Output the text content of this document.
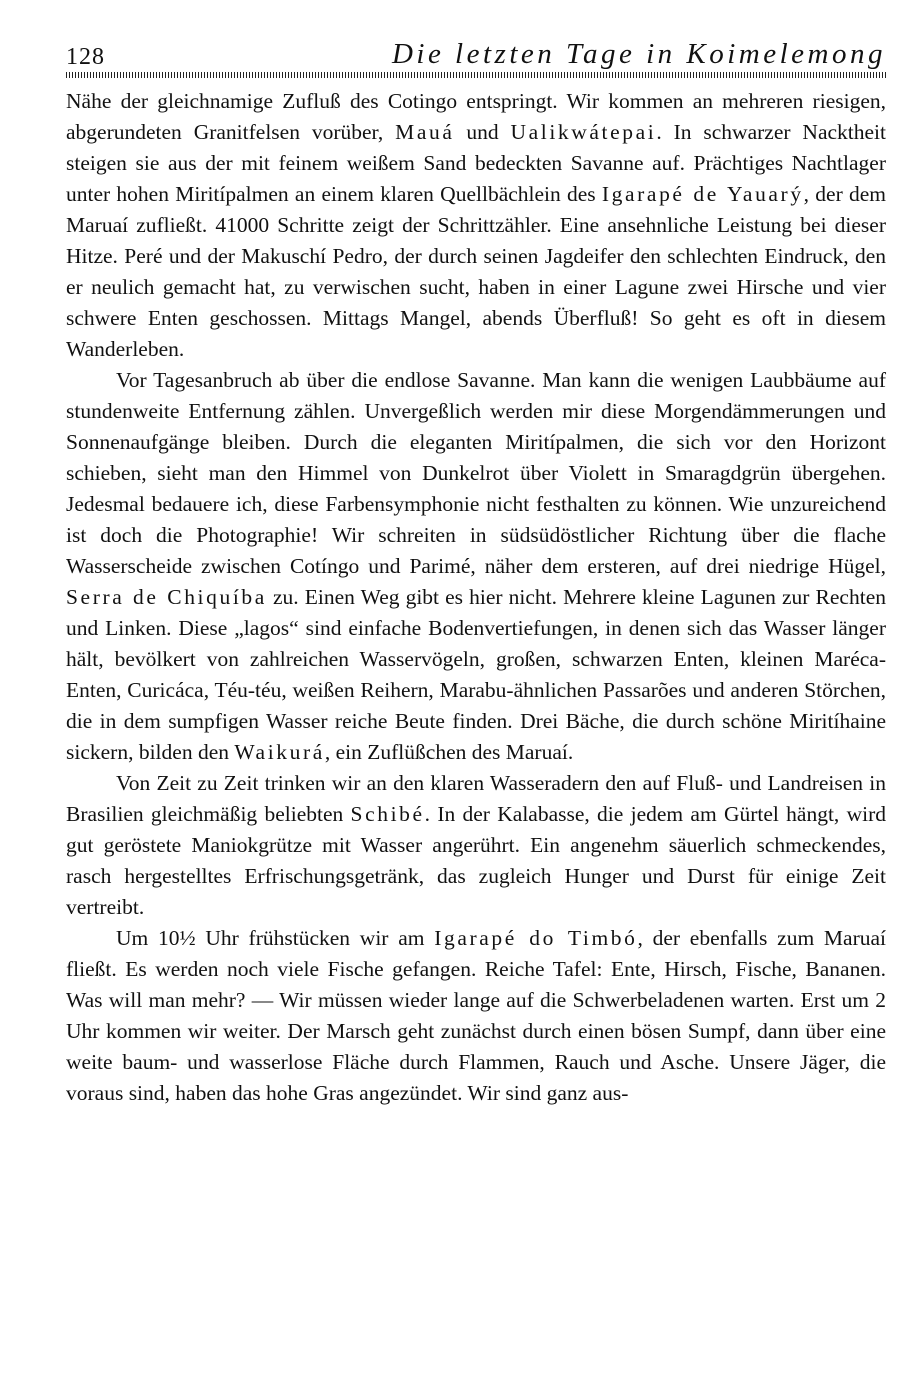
128	Die letzten Tage in Koimelemong

Nähe der gleichnamige Zufluß des Cotingo entspringt. Wir kommen an mehreren riesigen, abgerundeten Granitfelsen vorüber, Mauá und Ualikwátepai. In schwarzer Nacktheit steigen sie aus der mit feinem weißem Sand bedeckten Savanne auf. Prächtiges Nachtlager unter hohen Miritípalmen an einem klaren Quellbächlein des Igarapé de Yauarý, der dem Maruaí zufließt. 41000 Schritte zeigt der Schrittzähler. Eine ansehnliche Leistung bei dieser Hitze. Peré und der Makuschí Pedro, der durch seinen Jagdeifer den schlechten Eindruck, den er neulich gemacht hat, zu verwischen sucht, haben in einer Lagune zwei Hirsche und vier schwere Enten geschossen. Mittags Mangel, abends Überfluß! So geht es oft in diesem Wanderleben.

Vor Tagesanbruch ab über die endlose Savanne. Man kann die wenigen Laubbäume auf stundenweite Entfernung zählen. Unvergeßlich werden mir diese Morgendämmerungen und Sonnenaufgänge bleiben. Durch die eleganten Miritípalmen, die sich vor den Horizont schieben, sieht man den Himmel von Dunkelrot über Violett in Smaragdgrün übergehen. Jedesmal bedauere ich, diese Farbensymphonie nicht festhalten zu können. Wie unzureichend ist doch die Photographie! Wir schreiten in südsüdöstlicher Richtung über die flache Wasserscheide zwischen Cotíngo und Parimé, näher dem ersteren, auf drei niedrige Hügel, Serra de Chiquíba zu. Einen Weg gibt es hier nicht. Mehrere kleine Lagunen zur Rechten und Linken. Diese „lagos“ sind einfache Bodenvertiefungen, in denen sich das Wasser länger hält, bevölkert von zahlreichen Wasservögeln, großen, schwarzen Enten, kleinen Maréca-Enten, Curicáca, Téu-téu, weißen Reihern, Marabu-ähnlichen Passarões und anderen Störchen, die in dem sumpfigen Wasser reiche Beute finden. Drei Bäche, die durch schöne Miritíhaine sickern, bilden den Waikurá, ein Zuflüßchen des Maruaí.

Von Zeit zu Zeit trinken wir an den klaren Wasseradern den auf Fluß- und Landreisen in Brasilien gleichmäßig beliebten Schibé. In der Kalabasse, die jedem am Gürtel hängt, wird gut geröstete Maniokgrütze mit Wasser angerührt. Ein angenehm säuerlich schmeckendes, rasch hergestelltes Erfrischungsgetränk, das zugleich Hunger und Durst für einige Zeit vertreibt.

Um 10½ Uhr frühstücken wir am Igarapé do Timbó, der ebenfalls zum Maruaí fließt. Es werden noch viele Fische gefangen. Reiche Tafel: Ente, Hirsch, Fische, Bananen. Was will man mehr? — Wir müssen wieder lange auf die Schwerbeladenen warten. Erst um 2 Uhr kommen wir weiter. Der Marsch geht zunächst durch einen bösen Sumpf, dann über eine weite baum- und wasserlose Fläche durch Flammen, Rauch und Asche. Unsere Jäger, die voraus sind, haben das hohe Gras angezündet. Wir sind ganz aus-
